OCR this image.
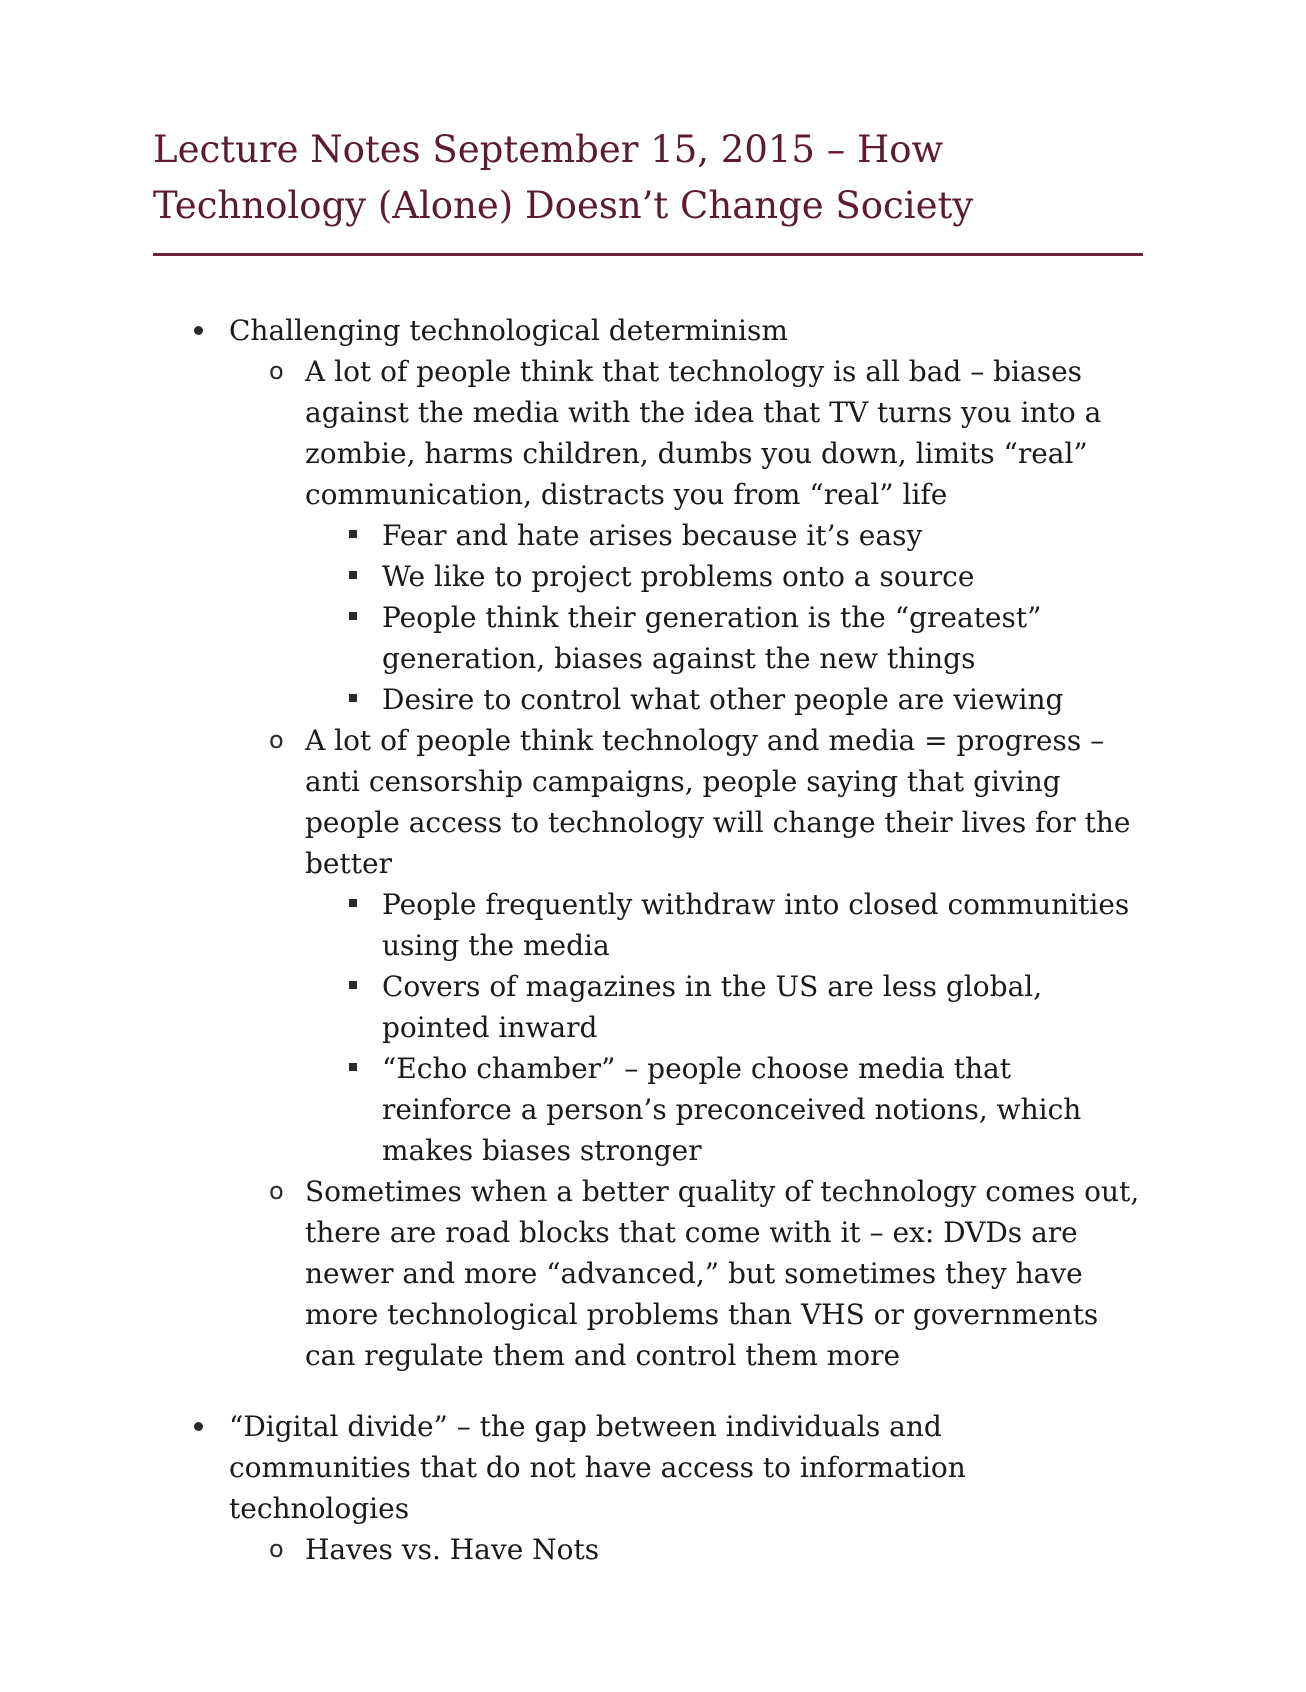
Lecture Notes September 15, 2015 – How Technology (Alone) Doesn’t Change Society
Challenging technological determinism
o A lot of people think that technology is all bad – biases against the media with the idea that TV turns you into a zombie, harms children, dumbs you down, limits “real” communication, distracts you from “real” life
Fear and hate arises because it’s easy
We like to project problems onto a source
People think their generation is the “greatest” generation, biases against the new things
Desire to control what other people are viewing
o A lot of people think technology and media = progress – anti censorship campaigns, people saying that giving people access to technology will change their lives for the better
People frequently withdraw into closed communities using the media
Covers of magazines in the US are less global, pointed inward
“Echo chamber” – people choose media that reinforce a person’s preconceived notions, which makes biases stronger
o Sometimes when a better quality of technology comes out, there are road blocks that come with it – ex: DVDs are newer and more “advanced,” but sometimes they have more technological problems than VHS or governments can regulate them and control them more
“Digital divide” – the gap between individuals and communities that do not have access to information technologies
o Haves vs. Have Nots
